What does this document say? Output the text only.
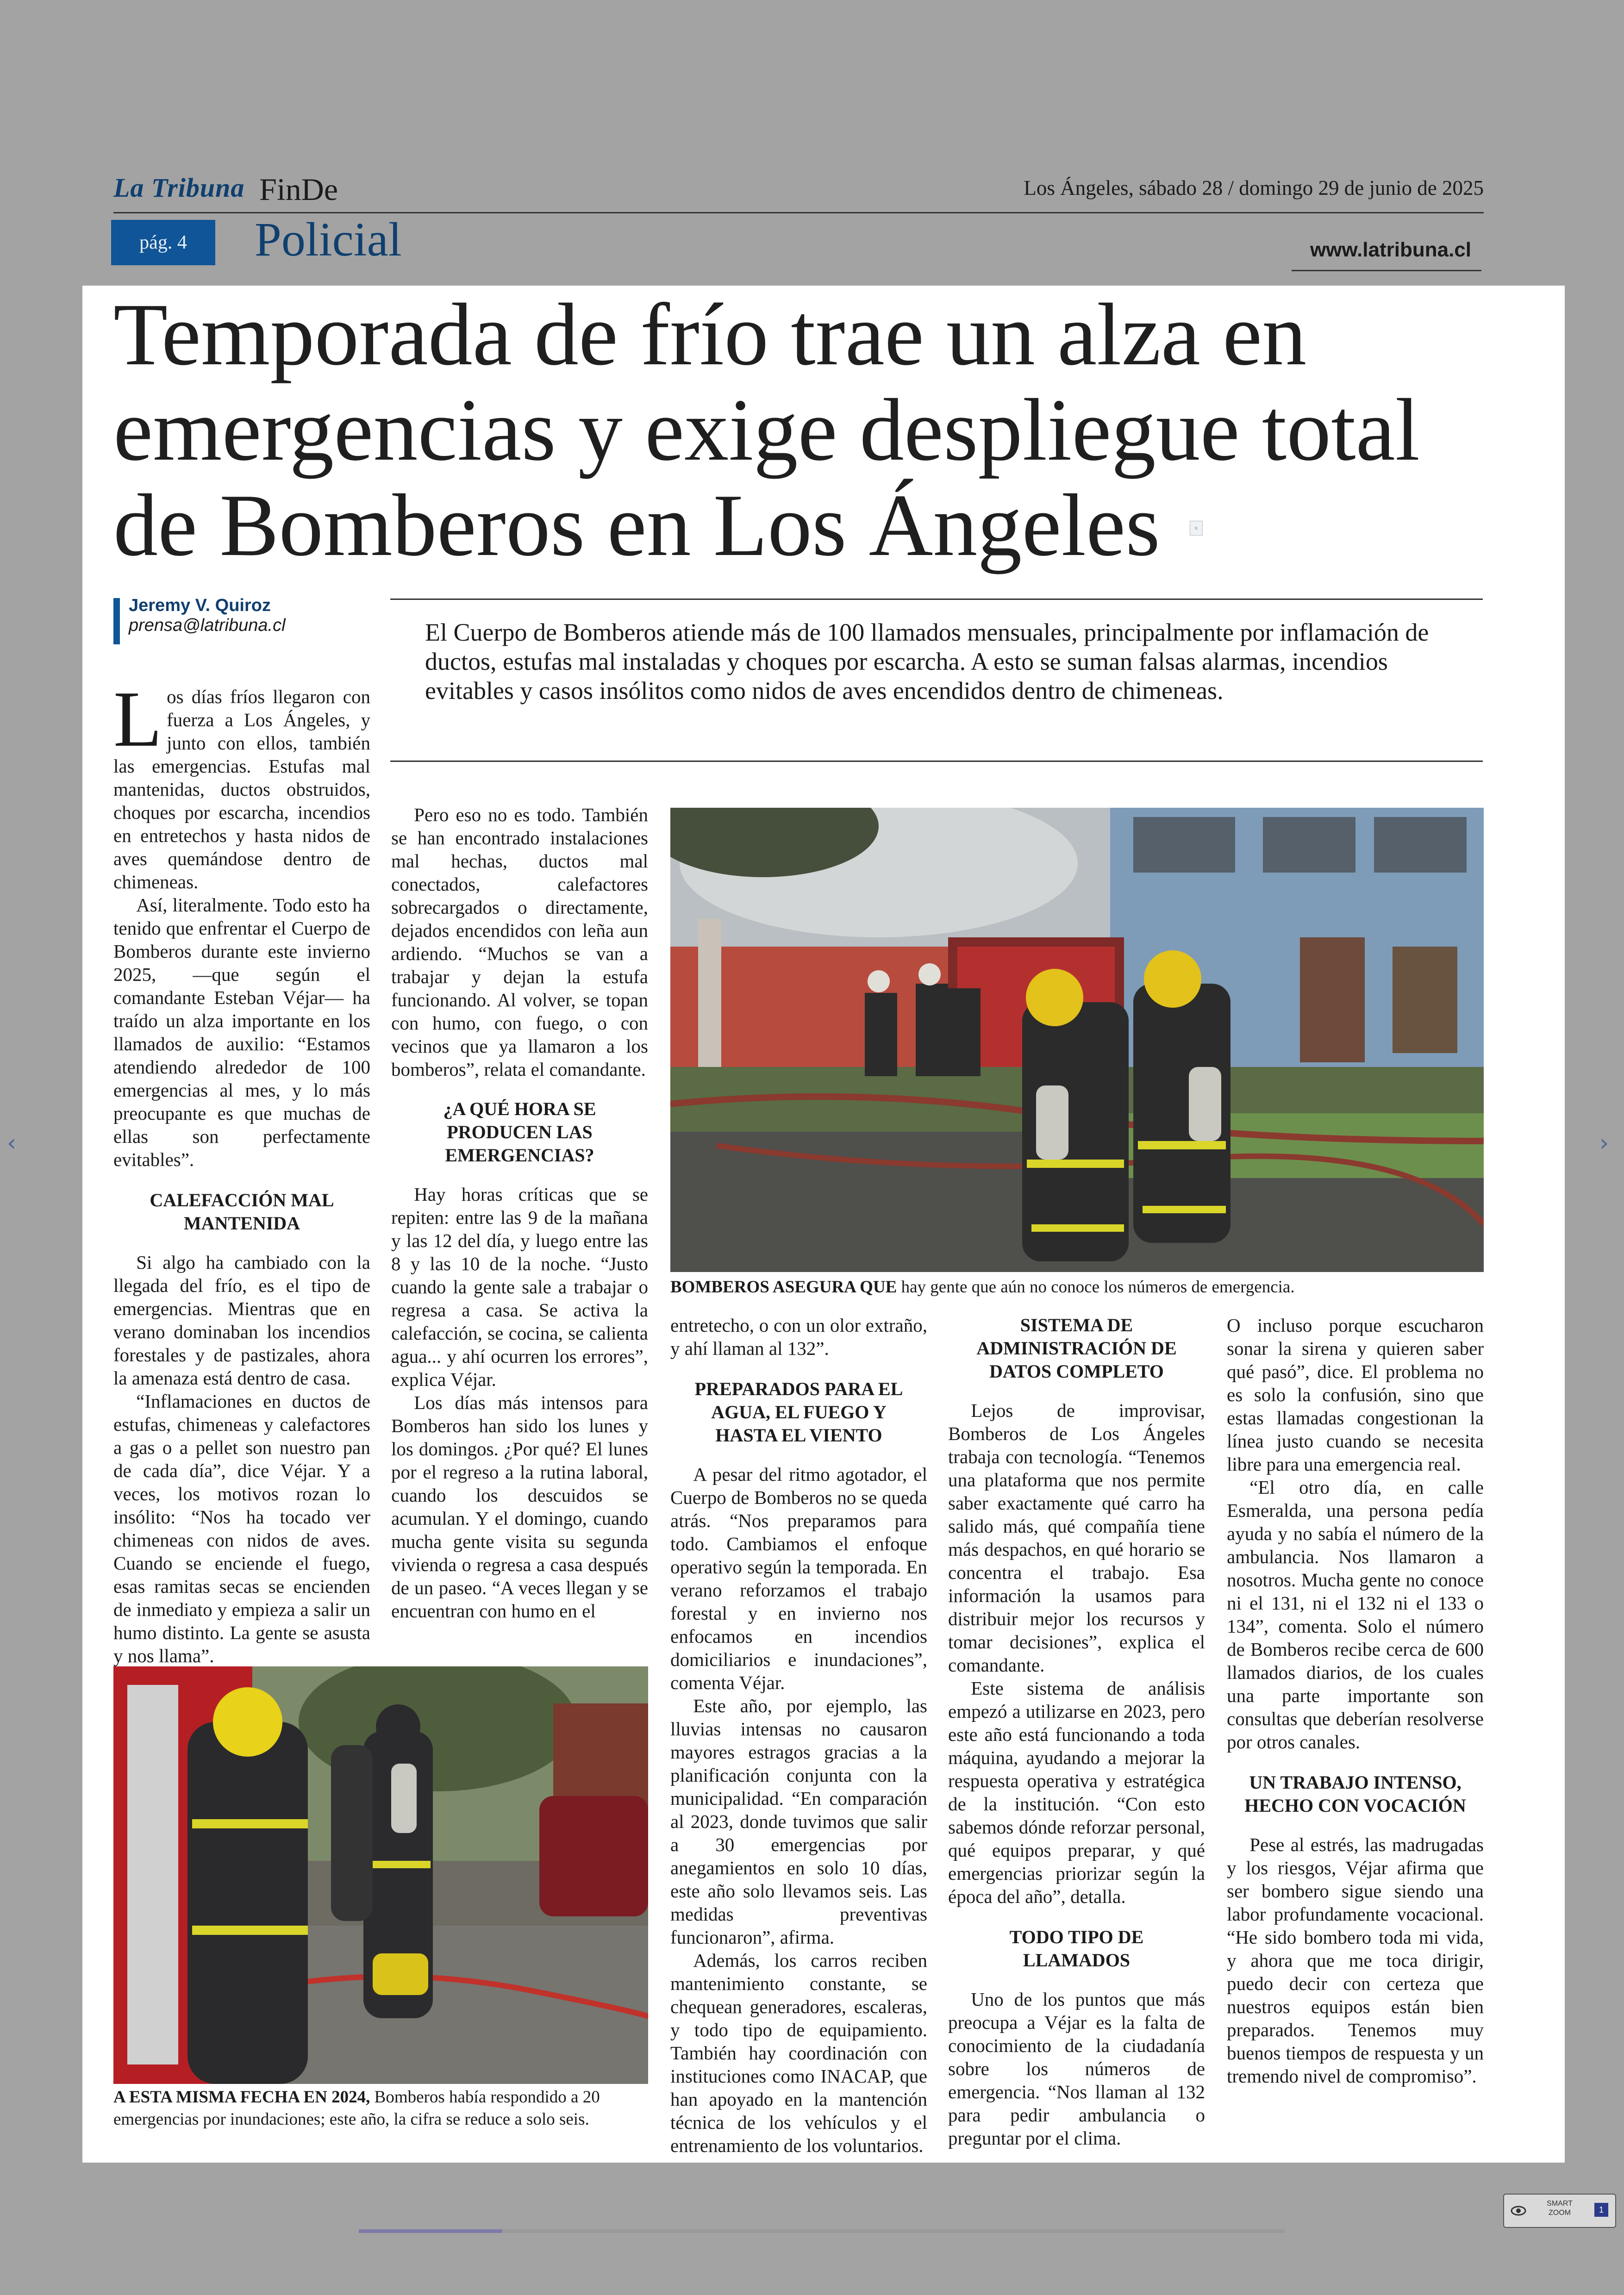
La Tribuna FinDe	Los Ángeles, sábado 28 / domingo 29 de junio de 2025
pág. 4	Policial	www.latribuna.cl
Temporada de frío trae un alza en emergencias y exige despliegue total de Bomberos en Los Ángeles	≡
Jeremy V. Quiroz
prensa@latribuna.cl	El Cuerpo de Bomberos atiende más de 100 llamados mensuales, principalmente por inflamación de ductos, estufas mal instaladas y choques por escarcha. A esto se suman falsas alarmas, incendios evitables y casos insólitos como nidos de aves encendidos dentro de chimeneas.

Los días fríos llegaron con fuerza a Los Ángeles, y junto con ellos, también las emergencias. Estufas mal mantenidas, ductos obstruidos, choques por escarcha, incendios en entretechos y hasta nidos de aves quemándose dentro de chimeneas.

Así, literalmente. Todo esto ha tenido que enfrentar el Cuerpo de Bomberos durante este invierno 2025, —que según el comandante Esteban Véjar— ha traído un alza importante en los llamados de auxilio: “Estamos atendiendo alrededor de 100 emergencias al mes, y lo más preocupante es que muchas de ellas son perfectamente evitables”.

CALEFACCIÓN MAL MANTENIDA

Si algo ha cambiado con la llegada del frío, es el tipo de emergencias. Mientras que en verano dominaban los incendios forestales y de pastizales, ahora la amenaza está dentro de casa.

“Inflamaciones en ductos de estufas, chimeneas y calefactores a gas o a pellet son nuestro pan de cada día”, dice Véjar. Y a veces, los motivos rozan lo insólito: “Nos ha tocado ver chimeneas con nidos de aves. Cuando se enciende el fuego, esas ramitas secas se encienden de inmediato y empieza a salir un humo distinto. La gente se asusta y nos llama”.

Pero eso no es todo. También se han encontrado instalaciones mal hechas, ductos mal conectados, calefactores sobrecargados o directamente, dejados encendidos con leña aun ardiendo. “Muchos se van a trabajar y dejan la estufa funcionando. Al volver, se topan con humo, con fuego, o con vecinos que ya llamaron a los bomberos”, relata el comandante.

¿A QUÉ HORA SE PRODUCEN LAS EMERGENCIAS?

Hay horas críticas que se repiten: entre las 9 de la mañana y las 12 del día, y luego entre las 8 y las 10 de la noche. “Justo cuando la gente sale a trabajar o regresa a casa. Se activa la calefacción, se cocina, se calienta agua... y ahí ocurren los errores”, explica Véjar.

Los días más intensos para Bomberos han sido los lunes y los domingos. ¿Por qué? El lunes por el regreso a la rutina laboral, cuando los descuidos se acumulan. Y el domingo, cuando mucha gente visita su segunda vivienda o regresa a casa después de un paseo. “A veces llegan y se encuentran con humo en el

BOMBEROS ASEGURA QUE hay gente que aún no conoce los números de emergencia.

entretecho, o con un olor extraño, y ahí llaman al 132”.

PREPARADOS PARA EL AGUA, EL FUEGO Y HASTA EL VIENTO

A pesar del ritmo agotador, el Cuerpo de Bomberos no se queda atrás. “Nos preparamos para todo. Cambiamos el enfoque operativo según la temporada. En verano reforzamos el trabajo forestal y en invierno nos enfocamos en incendios domiciliarios e inundaciones”, comenta Véjar.

Este año, por ejemplo, las lluvias intensas no causaron mayores estragos gracias a la planificación conjunta con la municipalidad. “En comparación al 2023, donde tuvimos que salir a 30 emergencias por anegamientos en solo 10 días, este año solo llevamos seis. Las medidas preventivas funcionaron”, afirma.

Además, los carros reciben mantenimiento constante, se chequean generadores, escaleras, y todo tipo de equipamiento. También hay coordinación con instituciones como INACAP, que han apoyado en la mantención técnica de los vehículos y el entrenamiento de los voluntarios.

SISTEMA DE ADMINISTRACIÓN DE DATOS COMPLETO

Lejos de improvisar, Bomberos de Los Ángeles trabaja con tecnología. “Tenemos una plataforma que nos permite saber exactamente qué carro ha salido más, qué compañía tiene más despachos, en qué horario se concentra el trabajo. Esa información la usamos para distribuir mejor los recursos y tomar decisiones”, explica el comandante.

Este sistema de análisis empezó a utilizarse en 2023, pero este año está funcionando a toda máquina, ayudando a mejorar la respuesta operativa y estratégica de la institución. “Con esto sabemos dónde reforzar personal, qué equipos preparar, y qué emergencias priorizar según la época del año”, detalla.

TODO TIPO DE LLAMADOS

Uno de los puntos que más preocupa a Véjar es la falta de conocimiento de la ciudadanía sobre los números de emergencia. “Nos llaman al 132 para pedir ambulancia o preguntar por el clima.

O incluso porque escucharon sonar la sirena y quieren saber qué pasó”, dice. El problema no es solo la confusión, sino que estas llamadas congestionan la línea justo cuando se necesita libre para una emergencia real.

“El otro día, en calle Esmeralda, una persona pedía ayuda y no sabía el número de la ambulancia. Nos llamaron a nosotros. Mucha gente no conoce ni el 131, ni el 132 ni el 133 o 134”, comenta. Solo el número de Bomberos recibe cerca de 600 llamados diarios, de los cuales una parte importante son consultas que deberían resolverse por otros canales.

UN TRABAJO INTENSO, HECHO CON VOCACIÓN

Pese al estrés, las madrugadas y los riesgos, Véjar afirma que ser bombero sigue siendo una labor profundamente vocacional. “He sido bombero toda mi vida, y ahora que me toca dirigir, puedo decir con certeza que nuestros equipos están bien preparados. Tenemos muy buenos tiempos de respuesta y un tremendo nivel de compromiso”.

A ESTA MISMA FECHA EN 2024, Bomberos había respondido a 20 emergencias por inundaciones; este año, la cifra se reduce a solo seis.
‹	›
SMART
ZOOM	1
